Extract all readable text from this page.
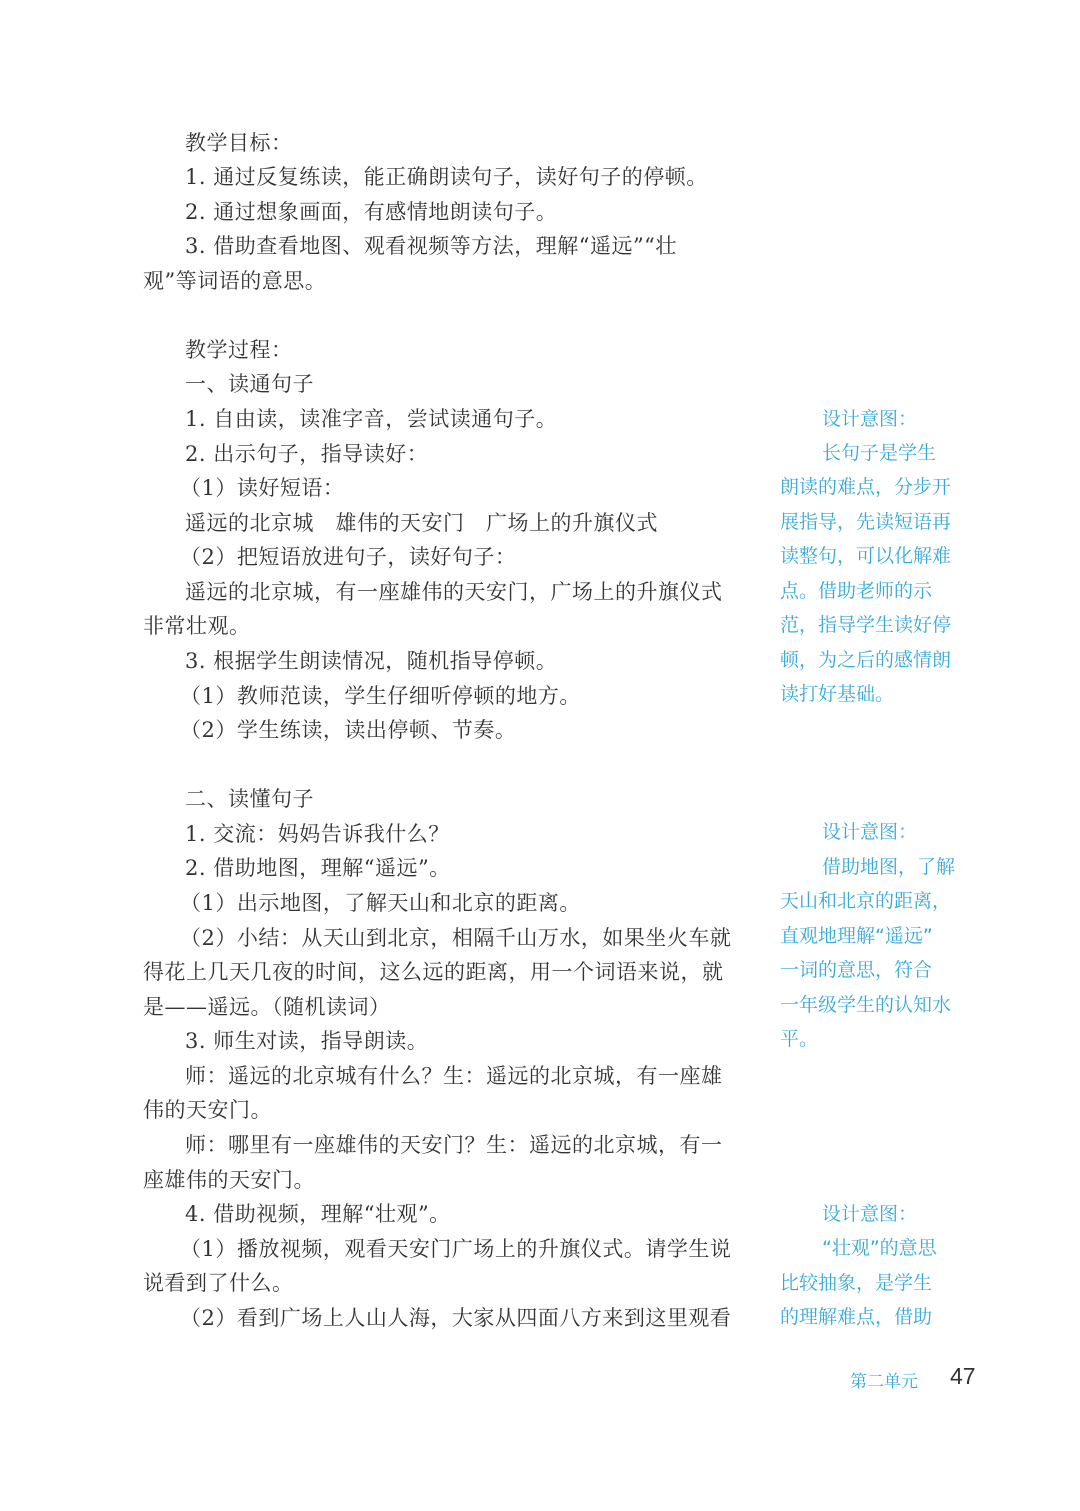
教学目标：
1. 通过反复练读，能正确朗读句子，读好句子的停顿。
2. 通过想象画面，有感情地朗读句子。
3. 借助查看地图、观看视频等方法，理解“遥远”“壮
观”等词语的意思。
教学过程：
一、读通句子
1. 自由读，读准字音，尝试读通句子。
2. 出示句子，指导读好：
（1）读好短语：
遥远的北京城　雄伟的天安门　广场上的升旗仪式
（2）把短语放进句子，读好句子：
遥远的北京城，有一座雄伟的天安门，广场上的升旗仪式
非常壮观。
3. 根据学生朗读情况，随机指导停顿。
（1）教师范读，学生仔细听停顿的地方。
（2）学生练读，读出停顿、节奏。
二、读懂句子
1. 交流：妈妈告诉我什么？
2. 借助地图，理解“遥远”。
（1）出示地图，了解天山和北京的距离。
（2）小结：从天山到北京，相隔千山万水，如果坐火车就
得花上几天几夜的时间，这么远的距离，用一个词语来说，就
是——遥远。（随机读词）
3. 师生对读，指导朗读。
师：遥远的北京城有什么？生：遥远的北京城，有一座雄
伟的天安门。
师：哪里有一座雄伟的天安门？生：遥远的北京城，有一
座雄伟的天安门。
4. 借助视频，理解“壮观”。
（1）播放视频，观看天安门广场上的升旗仪式。请学生说
说看到了什么。
（2）看到广场上人山人海，大家从四面八方来到这里观看
设计意图：
长句子是学生
朗读的难点，分步开
展指导，先读短语再
读整句，可以化解难
点。借助老师的示
范，指导学生读好停
顿，为之后的感情朗
读打好基础。
设计意图：
借助地图，了解
天山和北京的距离，
直观地理解“遥远”
一词的意思，符合
一年级学生的认知水
平。
设计意图：
“壮观”的意思
比较抽象，是学生
的理解难点，借助
第二单元 47
